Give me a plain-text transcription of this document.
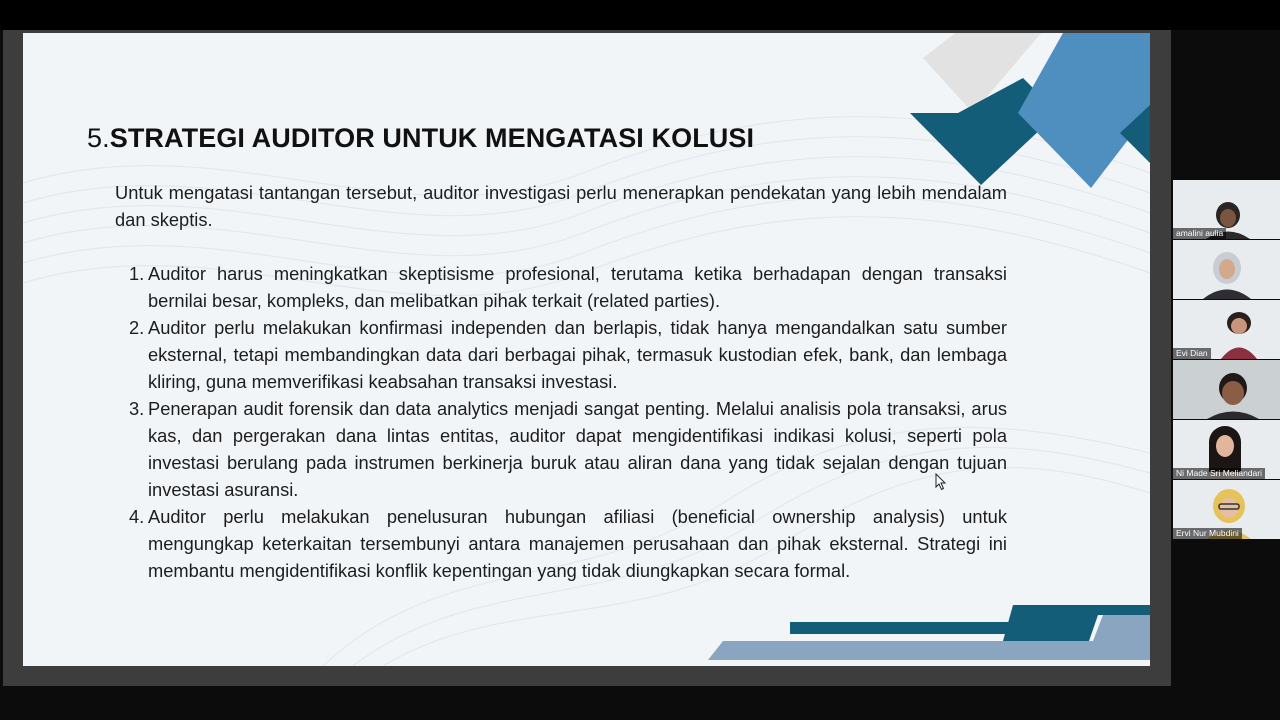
5.STRATEGI AUDITOR UNTUK MENGATASI KOLUSI
Untuk mengatasi tantangan tersebut, auditor investigasi perlu menerapkan pendekatan yang lebih mendalam dan skeptis.
1. Auditor harus meningkatkan skeptisisme profesional, terutama ketika berhadapan dengan transaksi bernilai besar, kompleks, dan melibatkan pihak terkait (related parties).
2. Auditor perlu melakukan konfirmasi independen dan berlapis, tidak hanya mengandalkan satu sumber eksternal, tetapi membandingkan data dari berbagai pihak, termasuk kustodian efek, bank, dan lembaga kliring, guna memverifikasi keabsahan transaksi investasi.
3. Penerapan audit forensik dan data analytics menjadi sangat penting. Melalui analisis pola transaksi, arus kas, dan pergerakan dana lintas entitas, auditor dapat mengidentifikasi indikasi kolusi, seperti pola investasi berulang pada instrumen berkinerja buruk atau aliran dana yang tidak sejalan dengan tujuan investasi asuransi.
4. Auditor perlu melakukan penelusuran hubungan afiliasi (beneficial ownership analysis) untuk mengungkap keterkaitan tersembunyi antara manajemen perusahaan dan pihak eksternal. Strategi ini membantu mengidentifikasi konflik kepentingan yang tidak diungkapkan secara formal.
amalini aulia
Evi Dian
Ni Made Sri Meliandari
Ervi Nur Mubdini
